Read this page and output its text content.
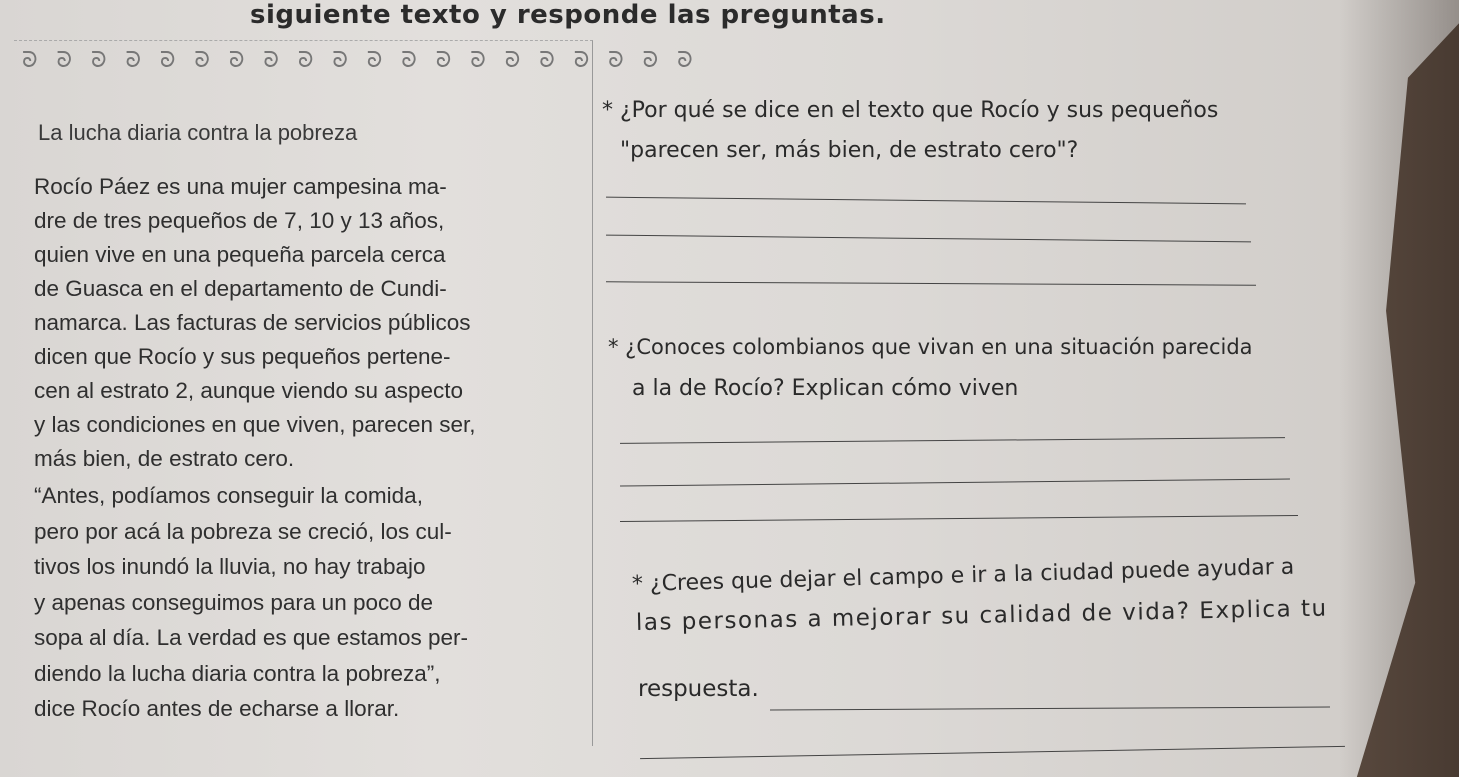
siguiente texto y responde las preguntas.
ᘐ ᘐ ᘐ ᘐ ᘐ ᘐ ᘐ ᘐ ᘐ ᘐ ᘐ ᘐ ᘐ ᘐ ᘐ ᘐ ᘐ ᘐ ᘐ ᘐ
La lucha diaria contra la pobreza
Rocío Páez es una mujer campesina ma-
dre de tres pequeños de 7, 10 y 13 años,
quien vive en una pequeña parcela cerca
de Guasca en el departamento de Cundi-
namarca. Las facturas de servicios públicos
dicen que Rocío y sus pequeños pertene-
cen al estrato 2, aunque viendo su aspecto
y las condiciones en que viven, parecen ser,
más bien, de estrato cero.
“Antes, podíamos conseguir la comida,
pero por acá la pobreza se creció, los cul-
tivos los inundó la lluvia, no hay trabajo
y apenas conseguimos para un poco de
sopa al día. La verdad es que estamos per-
diendo la lucha diaria contra la pobreza”,
dice Rocío antes de echarse a llorar.
* ¿Por qué se dice en el texto que Rocío y sus pequeños
"parecen ser, más bien, de estrato cero"?
* ¿Conoces colombianos que vivan en una situación parecida
a la de Rocío? Explican cómo viven
* ¿Crees que dejar el campo e ir a la ciudad puede ayudar a
las personas a mejorar su calidad de vida? Explica tu
respuesta.
